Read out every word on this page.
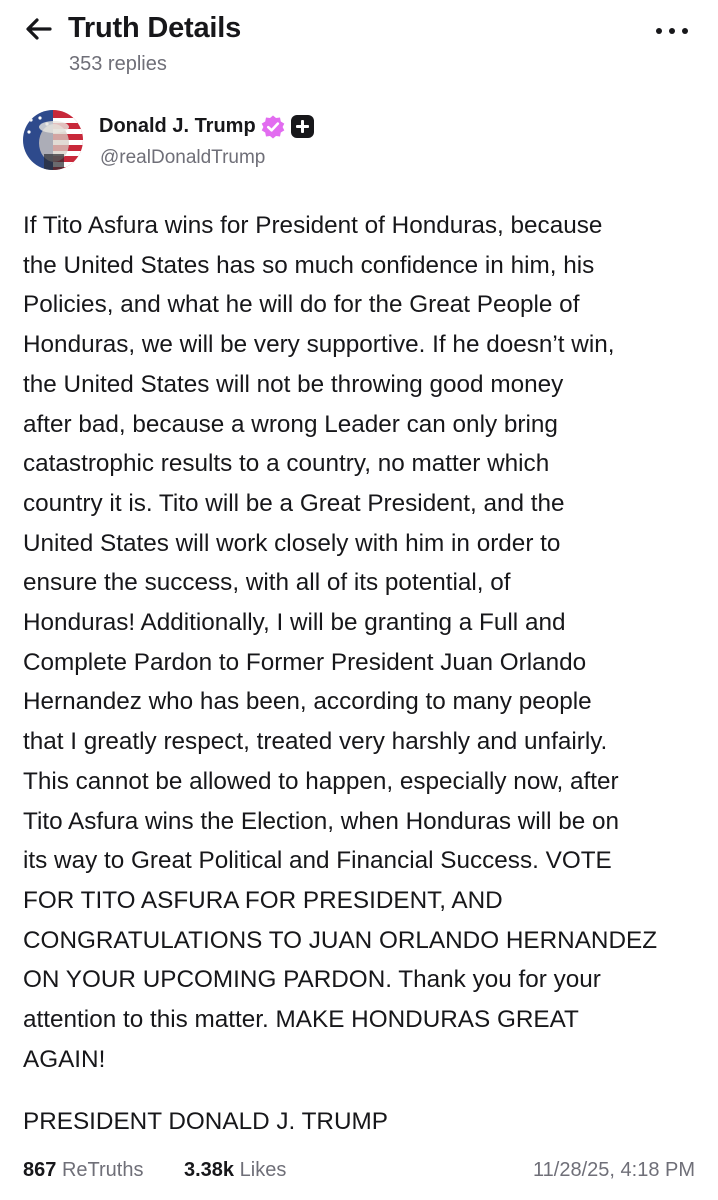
Truth Details
353 replies
Donald J. Trump
@realDonaldTrump
If Tito Asfura wins for President of Honduras, because
the United States has so much confidence in him, his
Policies, and what he will do for the Great People of
Honduras, we will be very supportive. If he doesn’t win,
the United States will not be throwing good money
after bad, because a wrong Leader can only bring
catastrophic results to a country, no matter which
country it is. Tito will be a Great President, and the
United States will work closely with him in order to
ensure the success, with all of its potential, of
Honduras! Additionally, I will be granting a Full and
Complete Pardon to Former President Juan Orlando
Hernandez who has been, according to many people
that I greatly respect, treated very harshly and unfairly.
This cannot be allowed to happen, especially now, after
Tito Asfura wins the Election, when Honduras will be on
its way to Great Political and Financial Success. VOTE
FOR TITO ASFURA FOR PRESIDENT, AND
CONGRATULATIONS TO JUAN ORLANDO HERNANDEZ
ON YOUR UPCOMING PARDON. Thank you for your
attention to this matter. MAKE HONDURAS GREAT
AGAIN!
PRESIDENT DONALD J. TRUMP
867 ReTruths 3.38k Likes	11/28/25, 4:18 PM
